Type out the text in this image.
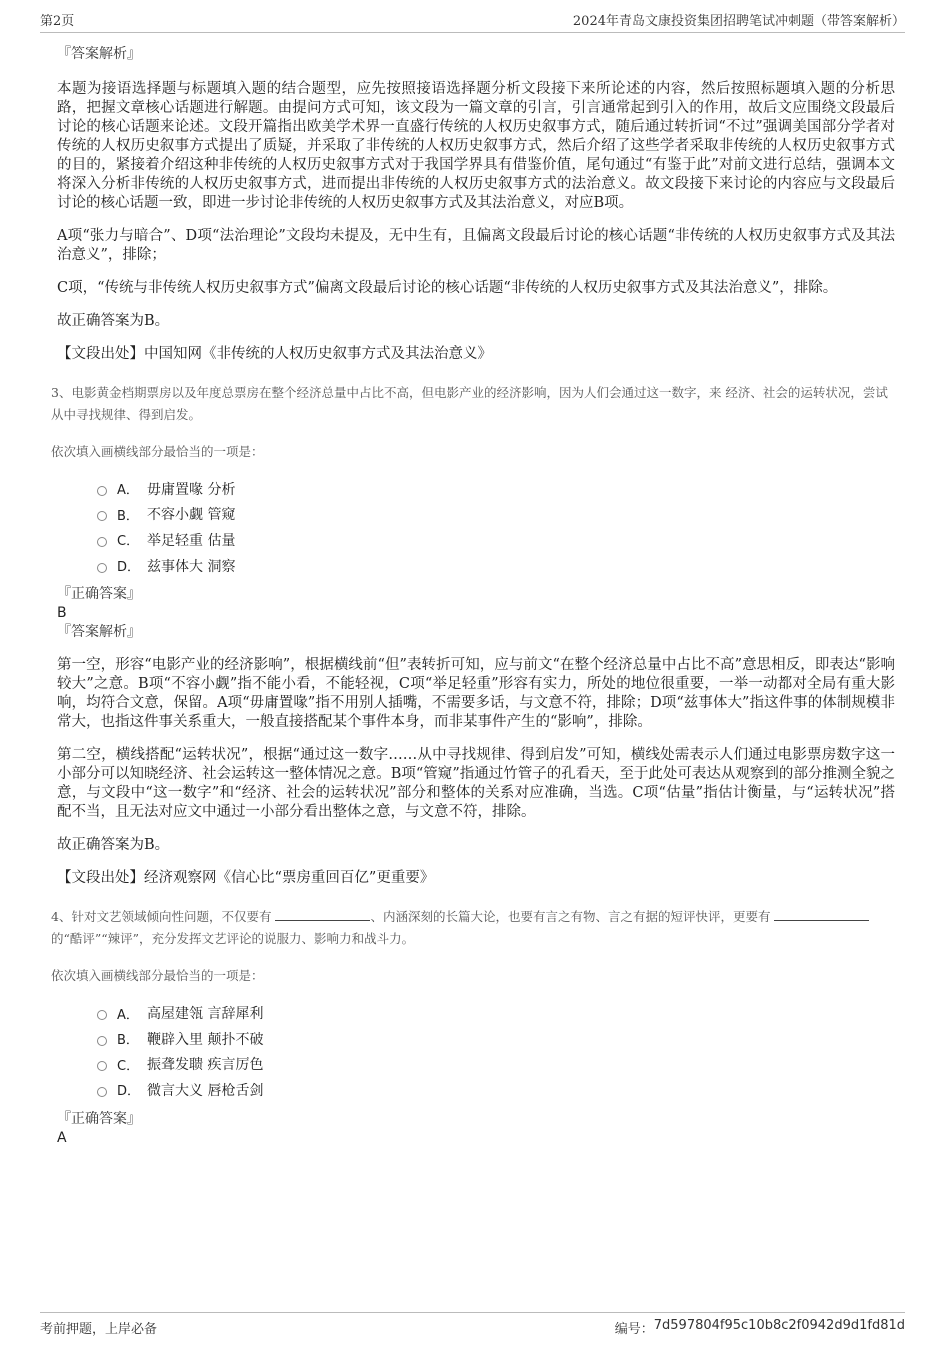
第2页	2024年青岛文康投资集团招聘笔试冲刺题（带答案解析）
『答案解析』
本题为接语选择题与标题填入题的结合题型，应先按照接语选择题分析文段接下来所论述的内容，然后按照标题填入题的分析思路，把握文章核心话题进行解题。由提问方式可知，该文段为一篇文章的引言，引言通常起到引入的作用，故后文应围绕文段最后讨论的核心话题来论述。文段开篇指出欧美学术界一直盛行传统的人权历史叙事方式，随后通过转折词“不过”强调美国部分学者对传统的人权历史叙事方式提出了质疑，并采取了非传统的人权历史叙事方式，然后介绍了这些学者采取非传统的人权历史叙事方式的目的，紧接着介绍这种非传统的人权历史叙事方式对于我国学界具有借鉴价值，尾句通过“有鉴于此”对前文进行总结，强调本文将深入分析非传统的人权历史叙事方式，进而提出非传统的人权历史叙事方式的法治意义。故文段接下来讨论的内容应与文段最后讨论的核心话题一致，即进一步讨论非传统的人权历史叙事方式及其法治意义，对应B项。
A项“张力与暗合”、D项“法治理论”文段均未提及，无中生有，且偏离文段最后讨论的核心话题“非传统的人权历史叙事方式及其法治意义”，排除；
C项，“传统与非传统人权历史叙事方式”偏离文段最后讨论的核心话题“非传统的人权历史叙事方式及其法治意义”，排除。
故正确答案为B。
【文段出处】中国知网《非传统的人权历史叙事方式及其法治意义》
3、电影黄金档期票房以及年度总票房在整个经济总量中占比不高，但电影产业的经济影响，因为人们会通过这一数字，来 经济、社会的运转状况，尝试从中寻找规律、得到启发。
依次填入画横线部分最恰当的一项是：
A． 毋庸置喙 分析
B． 不容小觑 管窥
C． 举足轻重 估量
D． 兹事体大 洞察
『正确答案』
B
『答案解析』
第一空，形容“电影产业的经济影响”，根据横线前“但”表转折可知，应与前文“在整个经济总量中占比不高”意思相反，即表达“影响较大”之意。B项“不容小觑”指不能小看，不能轻视，C项“举足轻重”形容有实力，所处的地位很重要，一举一动都对全局有重大影响，均符合文意，保留。A项“毋庸置喙”指不用别人插嘴，不需要多话，与文意不符，排除；D项“兹事体大”指这件事的体制规模非常大，也指这件事关系重大，一般直接搭配某个事件本身，而非某事件产生的“影响”，排除。
第二空，横线搭配“运转状况”，根据“通过这一数字……从中寻找规律、得到启发”可知，横线处需表示人们通过电影票房数字这一小部分可以知晓经济、社会运转这一整体情况之意。B项“管窥”指通过竹管子的孔看天，至于此处可表达从观察到的部分推测全貌之意，与文段中“这一数字”和“经济、社会的运转状况”部分和整体的关系对应准确，当选。C项“估量”指估计衡量，与“运转状况”搭配不当，且无法对应文中通过一小部分看出整体之意，与文意不符，排除。
故正确答案为B。
【文段出处】经济观察网《信心比“票房重回百亿”更重要》
4、针对文艺领域倾向性问题，不仅要有	、内涵深刻的长篇大论，也要有言之有物、言之有据的短评快评，更要有 的“酷评”“辣评”，充分发挥文艺评论的说服力、影响力和战斗力。
依次填入画横线部分最恰当的一项是：
A． 高屋建瓴 言辞犀利
B． 鞭辟入里 颠扑不破
C． 振聋发聩 疾言厉色
D． 微言大义 唇枪舌剑
『正确答案』
A
考前押题，上岸必备	编号： 7d597804f95c10b8c2f0942d9d1fd81d
